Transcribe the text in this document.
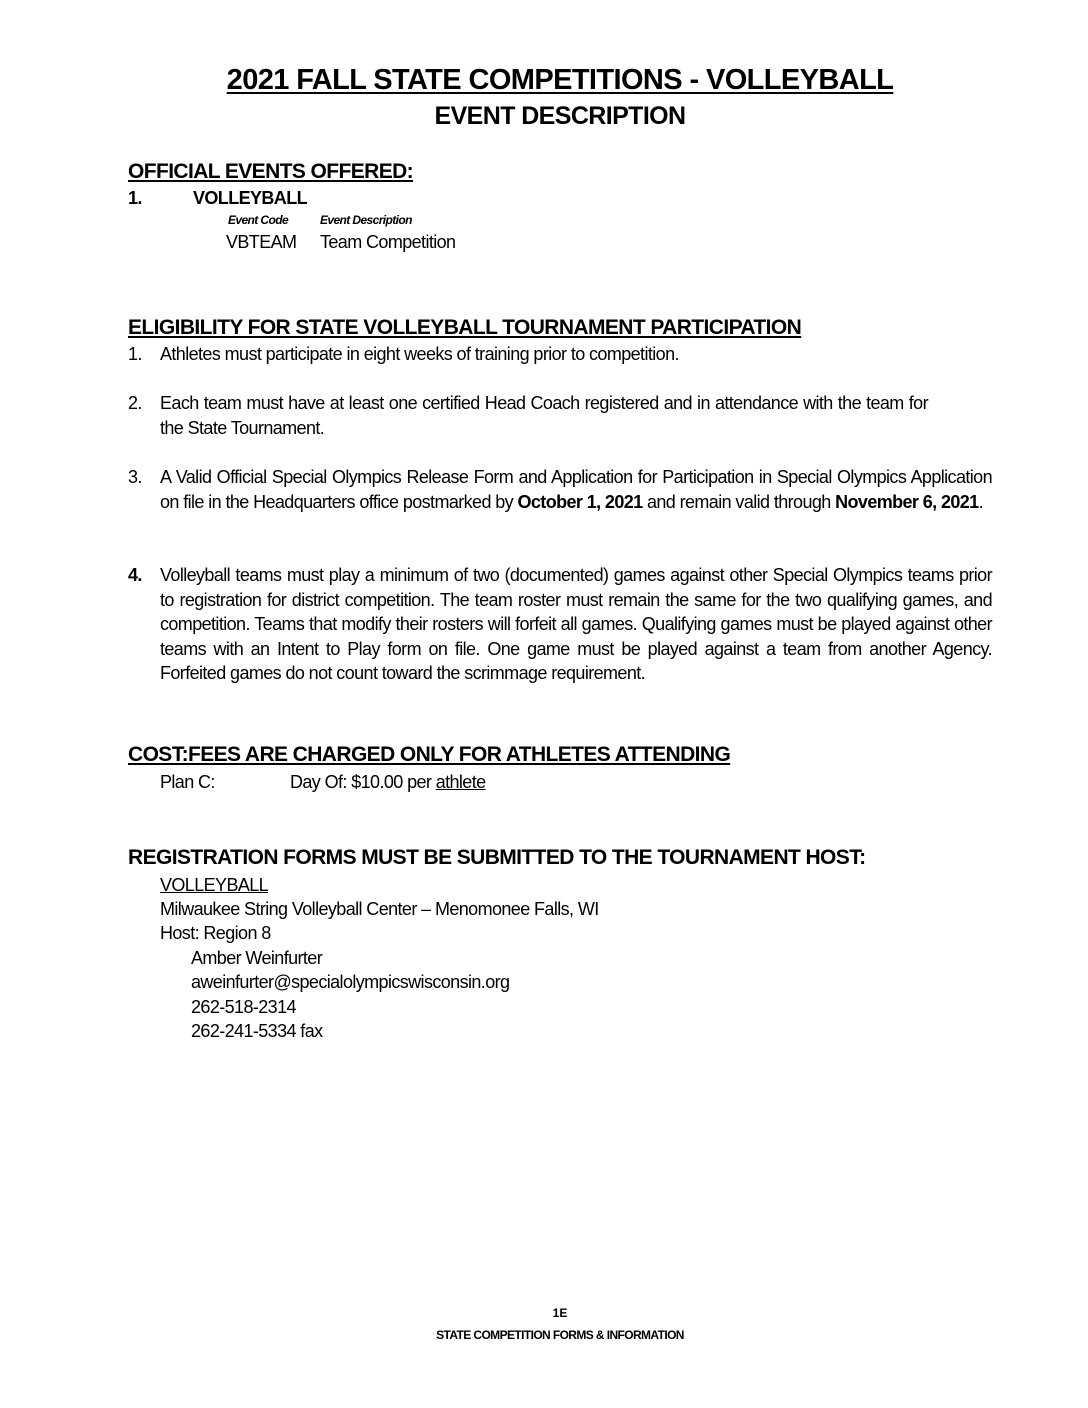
2021 FALL STATE COMPETITIONS - VOLLEYBALL
EVENT DESCRIPTION
OFFICIAL EVENTS OFFERED:
1.	VOLLEYBALL
Event Code	Event Description
VBTEAM Team Competition
ELIGIBILITY FOR STATE VOLLEYBALL TOURNAMENT PARTICIPATION
1. Athletes must participate in eight weeks of training prior to competition.
2. Each team must have at least one certified Head Coach registered and in attendance with the team for the State Tournament.
3. A Valid Official Special Olympics Release Form and Application for Participation in Special Olympics Application on file in the Headquarters office postmarked by October 1, 2021 and remain valid through November 6, 2021.
4. Volleyball teams must play a minimum of two (documented) games against other Special Olympics teams prior to registration for district competition. The team roster must remain the same for the two qualifying games, and competition. Teams that modify their rosters will forfeit all games. Qualifying games must be played against other teams with an Intent to Play form on file. One game must be played against a team from another Agency. Forfeited games do not count toward the scrimmage requirement.
COST:FEES ARE CHARGED ONLY FOR ATHLETES ATTENDING
Plan C:	Day Of: $10.00 per athlete
REGISTRATION FORMS MUST BE SUBMITTED TO THE TOURNAMENT HOST:
VOLLEYBALL
Milwaukee String Volleyball Center – Menomonee Falls, WI
Host: Region 8
Amber Weinfurter
aweinfurter@specialolympicswisconsin.org
262-518-2314
262-241-5334 fax
1E
STATE COMPETITION FORMS & INFORMATION
